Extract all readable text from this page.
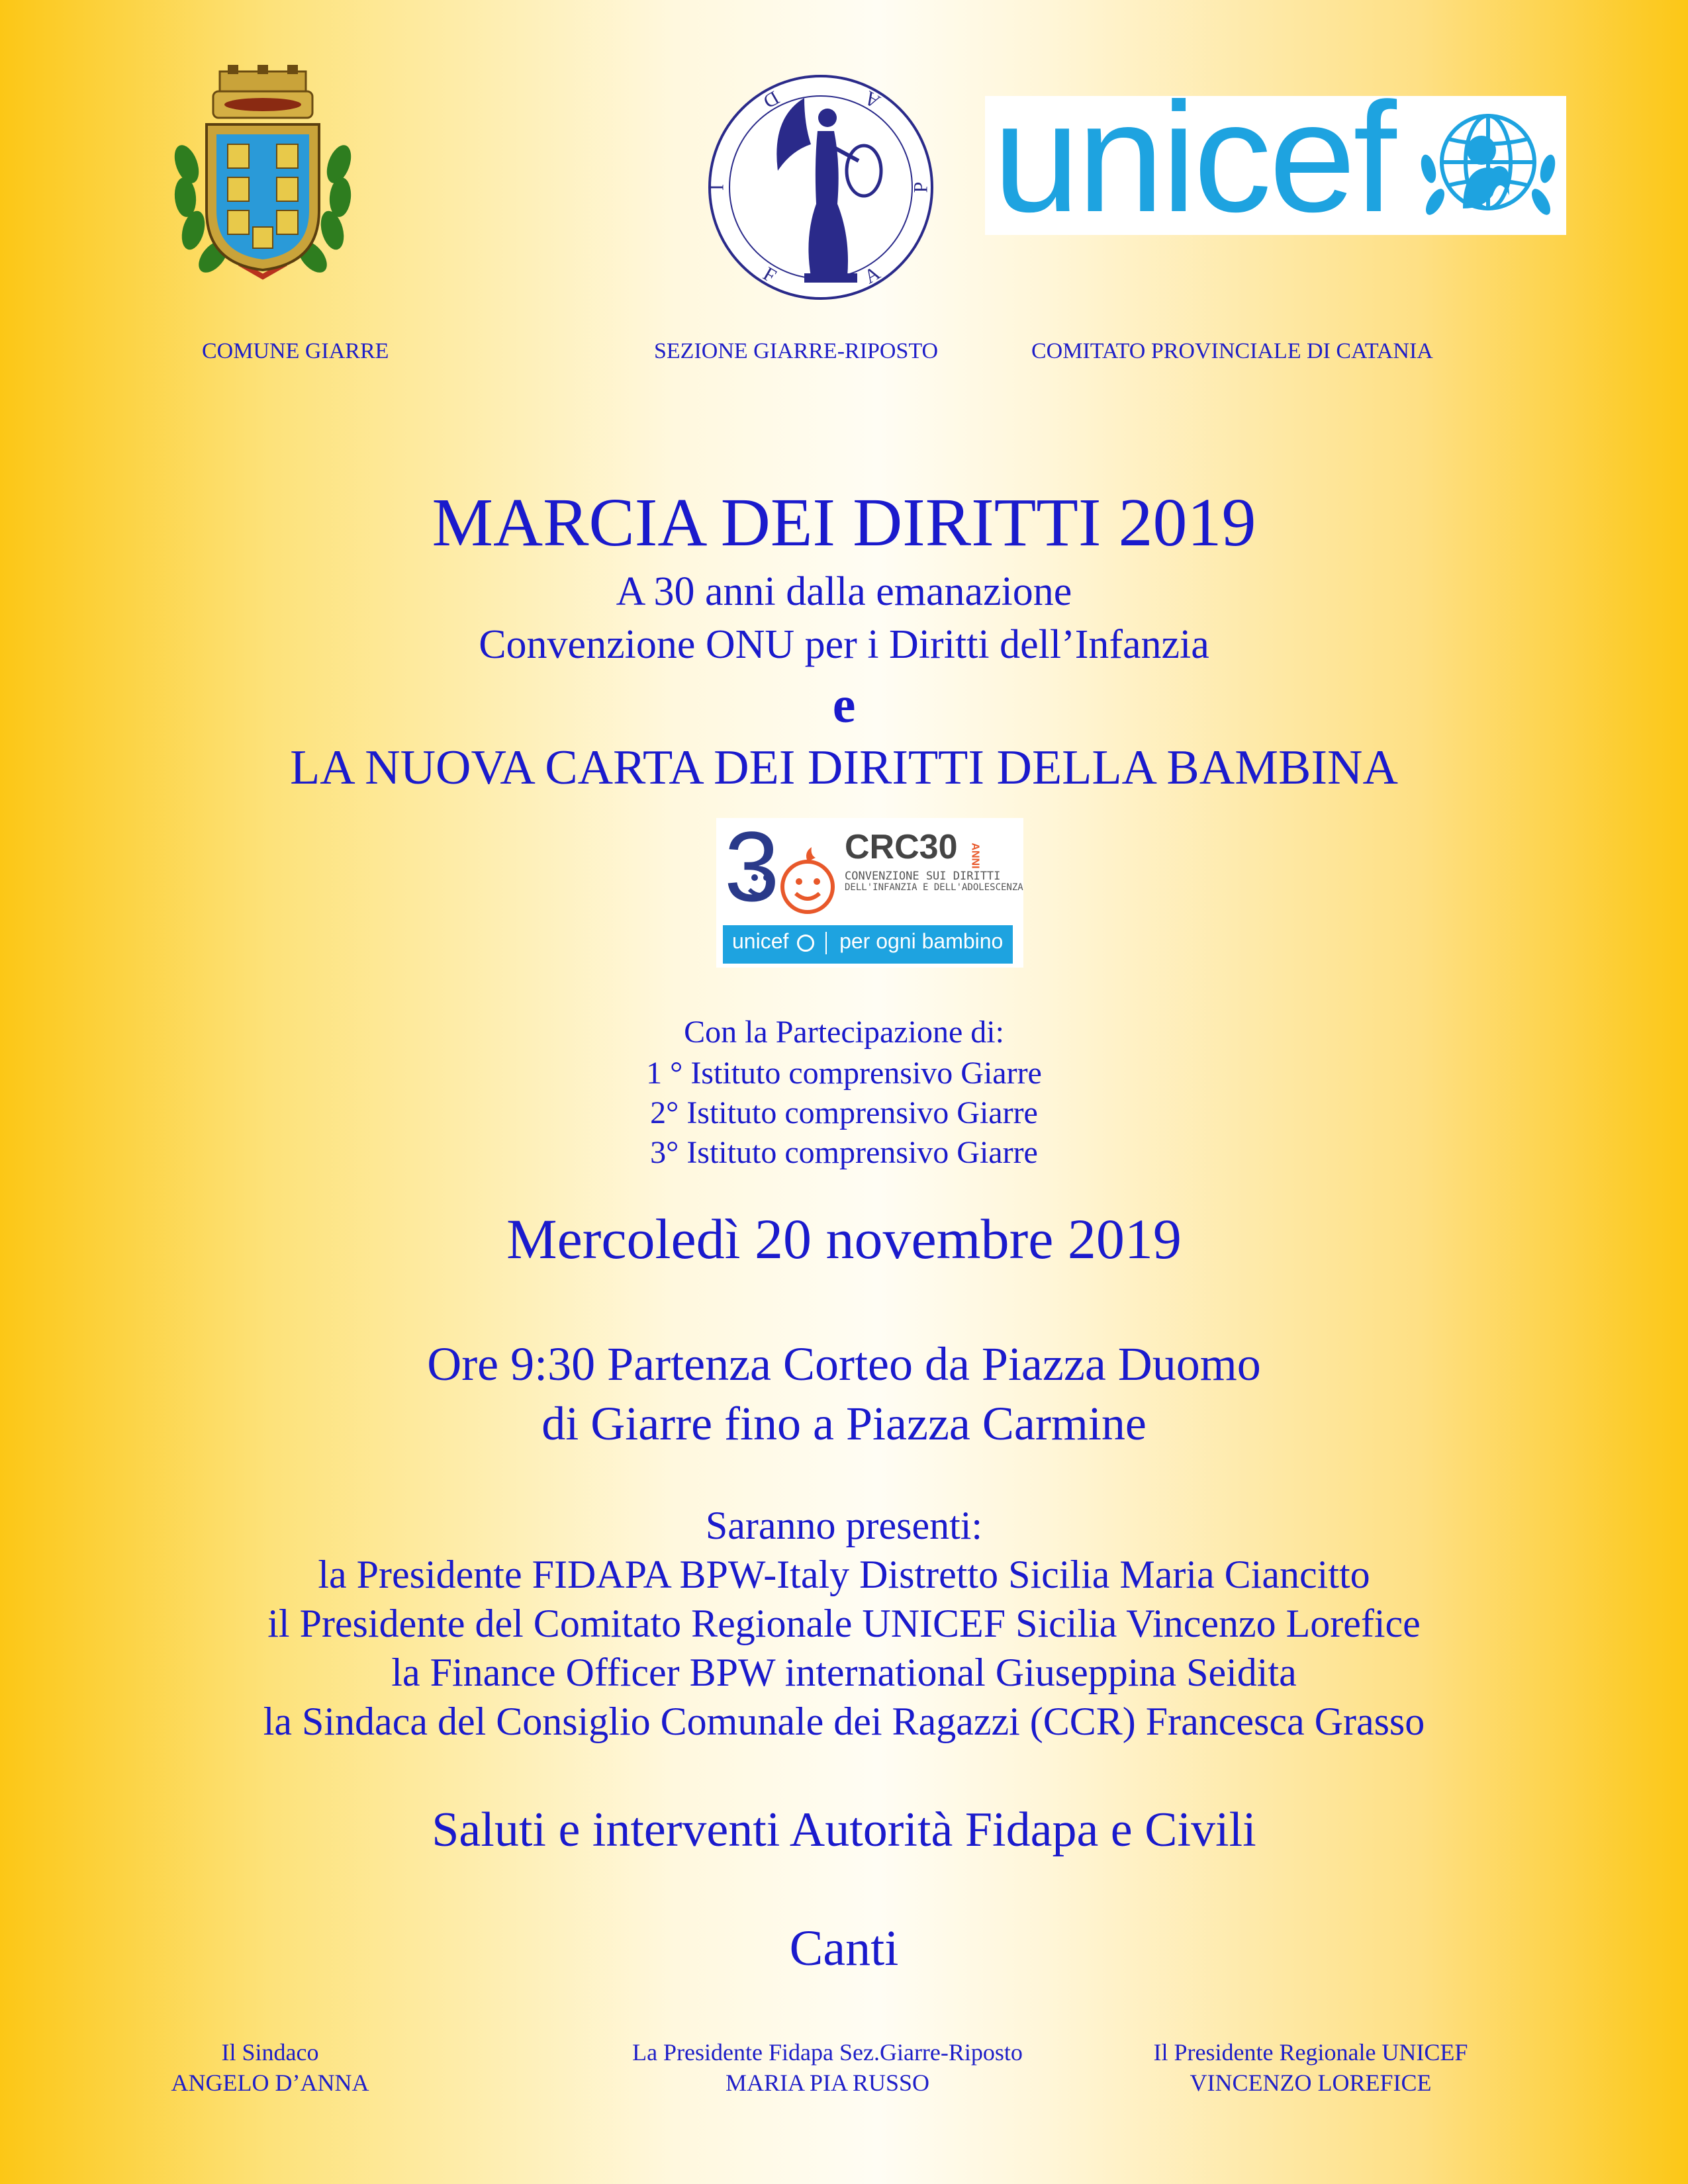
F
I
D	A
P
A
unicef
COMUNE GIARRE	SEZIONE GIARRE-RIPOSTO	COMITATO PROVINCIALE DI CATANIA
MARCIA DEI DIRITTI 2019
A 30 anni dalla emanazione
Convenzione ONU per i Diritti dell’Infanzia
e
LA NUOVA CARTA DEI DIRITTI DELLA BAMBINA
3 CRC30 ANNI
CONVENZIONE SUI DIRITTI
DELL'INFANZIA E DELL'ADOLESCENZA
unicef per ogni bambino
Con la Partecipazione di:
1 ° Istituto comprensivo Giarre
2° Istituto comprensivo Giarre
3° Istituto comprensivo Giarre
Mercoledì 20 novembre 2019
Ore 9:30 Partenza Corteo da Piazza Duomo
di Giarre fino a Piazza Carmine
Saranno presenti:
la Presidente FIDAPA BPW-Italy Distretto Sicilia Maria Ciancitto
il Presidente del Comitato Regionale UNICEF Sicilia Vincenzo Lorefice
la Finance Officer BPW international Giuseppina Seidita
la Sindaca del Consiglio Comunale dei Ragazzi (CCR) Francesca Grasso
Saluti e interventi Autorità Fidapa e Civili
Canti
Il Sindaco
ANGELO D’ANNA
La Presidente Fidapa Sez.Giarre-Riposto
MARIA PIA RUSSO
Il Presidente Regionale UNICEF
VINCENZO LOREFICE
